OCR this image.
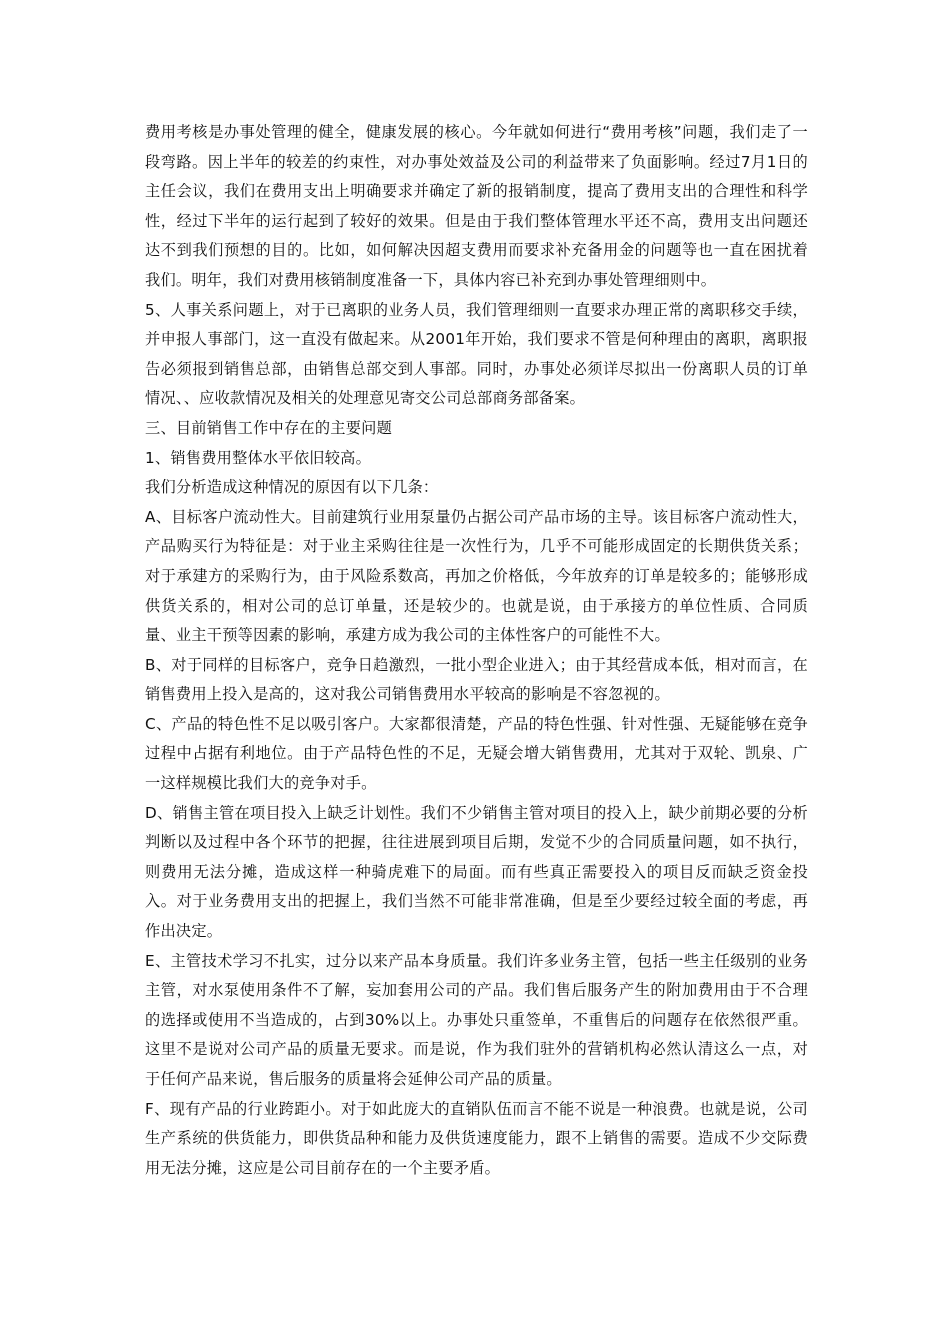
费用考核是办事处管理的健全，健康发展的核心。今年就如何进行“费用考核”问题，我们走了一段弯路。因上半年的较差的约束性，对办事处效益及公司的利益带来了负面影响。经过7月1日的主任会议，我们在费用支出上明确要求并确定了新的报销制度，提高了费用支出的合理性和科学性，经过下半年的运行起到了较好的效果。但是由于我们整体管理水平还不高，费用支出问题还达不到我们预想的目的。比如，如何解决因超支费用而要求补充备用金的问题等也一直在困扰着我们。明年，我们对费用核销制度准备一下，具体内容已补充到办事处管理细则中。

5、人事关系问题上，对于已离职的业务人员，我们管理细则一直要求办理正常的离职移交手续，并申报人事部门，这一直没有做起来。从2001年开始，我们要求不管是何种理由的离职，离职报告必须报到销售总部，由销售总部交到人事部。同时，办事处必须详尽拟出一份离职人员的订单情况、、应收款情况及相关的处理意见寄交公司总部商务部备案。

三、目前销售工作中存在的主要问题

1、销售费用整体水平依旧较高。

我们分析造成这种情况的原因有以下几条：

A、目标客户流动性大。目前建筑行业用泵量仍占据公司产品市场的主导。该目标客户流动性大，产品购买行为特征是：对于业主采购往往是一次性行为，几乎不可能形成固定的长期供货关系；对于承建方的采购行为，由于风险系数高，再加之价格低，今年放弃的订单是较多的；能够形成供货关系的，相对公司的总订单量，还是较少的。也就是说，由于承接方的单位性质、合同质量、业主干预等因素的影响，承建方成为我公司的主体性客户的可能性不大。

B、对于同样的目标客户，竞争日趋激烈，一批小型企业进入；由于其经营成本低，相对而言，在销售费用上投入是高的，这对我公司销售费用水平较高的影响是不容忽视的。

C、产品的特色性不足以吸引客户。大家都很清楚，产品的特色性强、针对性强、无疑能够在竞争过程中占据有利地位。由于产品特色性的不足，无疑会增大销售费用，尤其对于双轮、凯泉、广一这样规模比我们大的竞争对手。

D、销售主管在项目投入上缺乏计划性。我们不少销售主管对项目的投入上，缺少前期必要的分析判断以及过程中各个环节的把握，往往进展到项目后期，发觉不少的合同质量问题，如不执行，则费用无法分摊，造成这样一种骑虎难下的局面。而有些真正需要投入的项目反而缺乏资金投入。对于业务费用支出的把握上，我们当然不可能非常准确，但是至少要经过较全面的考虑，再作出决定。

E、主管技术学习不扎实，过分以来产品本身质量。我们许多业务主管，包括一些主任级别的业务主管，对水泵使用条件不了解，妄加套用公司的产品。我们售后服务产生的附加费用由于不合理的选择或使用不当造成的，占到30%以上。办事处只重签单，不重售后的问题存在依然很严重。这里不是说对公司产品的质量无要求。而是说，作为我们驻外的营销机构必然认清这么一点，对于任何产品来说，售后服务的质量将会延伸公司产品的质量。

F、现有产品的行业跨距小。对于如此庞大的直销队伍而言不能不说是一种浪费。也就是说，公司生产系统的供货能力，即供货品种和能力及供货速度能力，跟不上销售的需要。造成不少交际费用无法分摊，这应是公司目前存在的一个主要矛盾。
